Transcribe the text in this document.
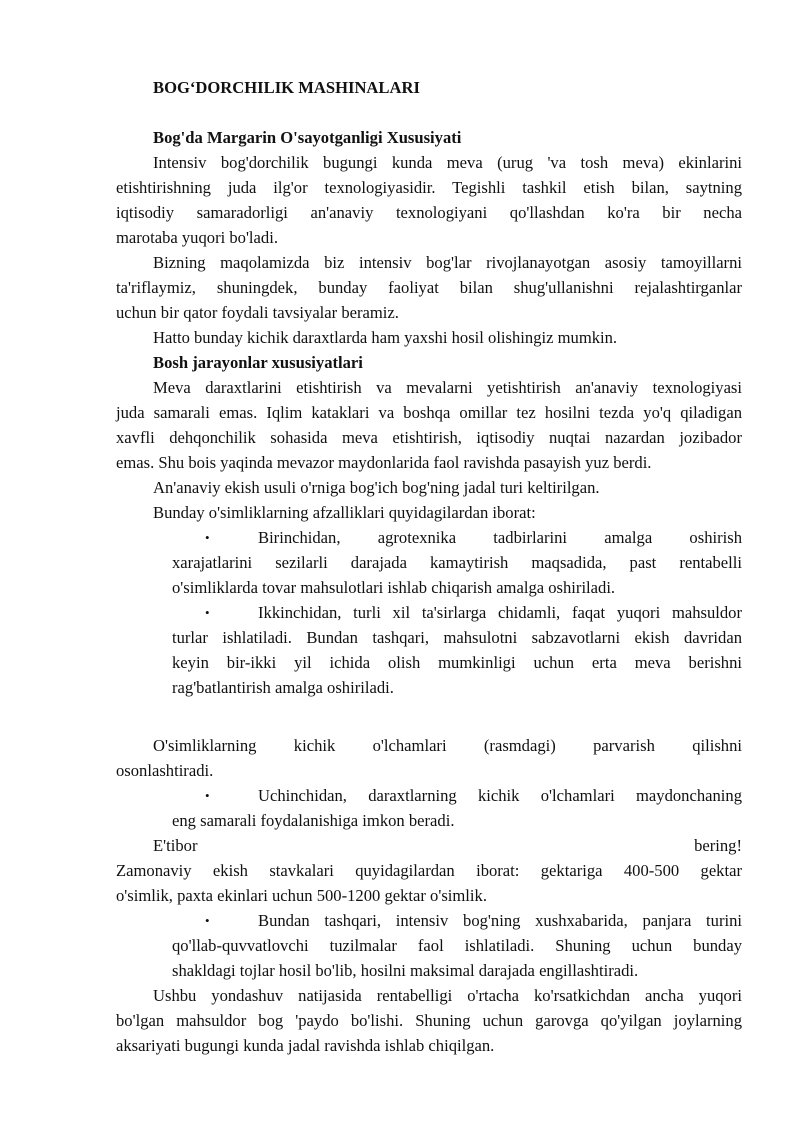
BOG‘DORCHILIK MASHINALARI
Bog'da Margarin O'sayotganligi Xususiyati
Intensiv bog'dorchilik bugungi kunda meva (urug 'va tosh meva) ekinlarini
etishtirishning juda ilg'or texnologiyasidir. Tegishli tashkil etish bilan, saytning
iqtisodiy samaradorligi an'anaviy texnologiyani qo'llashdan ko'ra bir necha
marotaba yuqori bo'ladi.
Bizning maqolamizda biz intensiv bog'lar rivojlanayotgan asosiy tamoyillarni
ta'riflaymiz, shuningdek, bunday faoliyat bilan shug'ullanishni rejalashtirganlar
uchun bir qator foydali tavsiyalar beramiz.
Hatto bunday kichik daraxtlarda ham yaxshi hosil olishingiz mumkin.
Bosh jarayonlar xususiyatlari
Meva daraxtlarini etishtirish va mevalarni yetishtirish an'anaviy texnologiyasi
juda samarali emas. Iqlim kataklari va boshqa omillar tez hosilni tezda yo'q qiladigan
xavfli dehqonchilik sohasida meva etishtirish, iqtisodiy nuqtai nazardan jozibador
emas. Shu bois yaqinda mevazor maydonlarida faol ravishda pasayish yuz berdi.
An'anaviy ekish usuli o'rniga bog'ich bog'ning jadal turi keltirilgan.
Bunday o'simliklarning afzalliklari quyidagilardan iborat:
•	Birinchidan, agrotexnika tadbirlarini amalga oshirish
xarajatlarini sezilarli darajada kamaytirish maqsadida, past rentabelli
o'simliklarda tovar mahsulotlari ishlab chiqarish amalga oshiriladi.
•	Ikkinchidan, turli xil ta'sirlarga chidamli, faqat yuqori mahsuldor
turlar ishlatiladi. Bundan tashqari, mahsulotni sabzavotlarni ekish davridan
keyin bir-ikki yil ichida olish mumkinligi uchun erta meva berishni
rag'batlantirish amalga oshiriladi.
O'simliklarning kichik o'lchamlari (rasmdagi) parvarish qilishni
osonlashtiradi.
•	Uchinchidan, daraxtlarning kichik o'lchamlari maydonchaning
eng samarali foydalanishiga imkon beradi.
E'tibor	bering!
Zamonaviy ekish stavkalari quyidagilardan iborat: gektariga 400-500 gektar
o'simlik, paxta ekinlari uchun 500-1200 gektar o'simlik.
•	Bundan tashqari, intensiv bog'ning xushxabarida, panjara turini
qo'llab-quvvatlovchi tuzilmalar faol ishlatiladi. Shuning uchun bunday
shakldagi tojlar hosil bo'lib, hosilni maksimal darajada engillashtiradi.
Ushbu yondashuv natijasida rentabelligi o'rtacha ko'rsatkichdan ancha yuqori
bo'lgan mahsuldor bog 'paydo bo'lishi. Shuning uchun garovga qo'yilgan joylarning
aksariyati bugungi kunda jadal ravishda ishlab chiqilgan.
